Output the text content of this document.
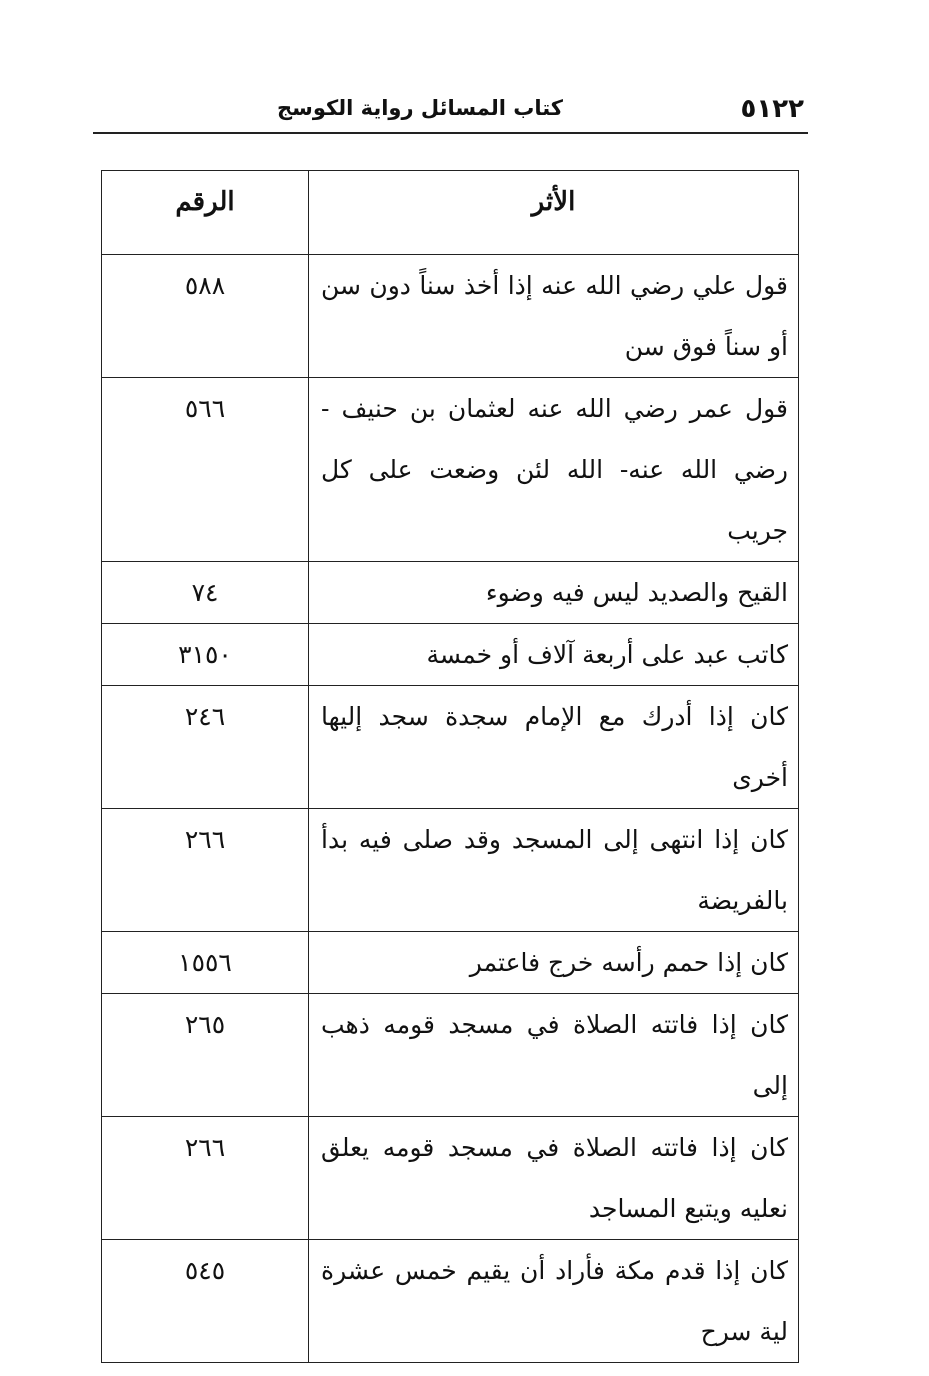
٥١٢٢
كتاب المسائل رواية الكوسج
الأثر	الرقم
قول علي رضي الله عنه إذا أخذ سناً دون سن أو سناً فوق سن	٥٨٨
قول عمر رضي الله عنه لعثمان بن حنيف - رضي الله عنه- الله لئن وضعت على كل جريب	٥٦٦
القيح والصديد ليس فيه وضوء	٧٤
كاتب عبد على أربعة آلاف أو خمسة	٣١٥٠
كان إذا أدرك مع الإمام سجدة سجد إليها أخرى	٢٤٦
كان إذا انتهى إلى المسجد وقد صلى فيه بدأ بالفريضة	٢٦٦
كان إذا حمم رأسه خرج فاعتمر	١٥٥٦
كان إذا فاتته الصلاة في مسجد قومه ذهب إلى	٢٦٥
كان إذا فاتته الصلاة في مسجد قومه يعلق نعليه ويتبع المساجد	٢٦٦
كان إذا قدم مكة فأراد أن يقيم خمس عشرة لية سرح	٥٤٥
